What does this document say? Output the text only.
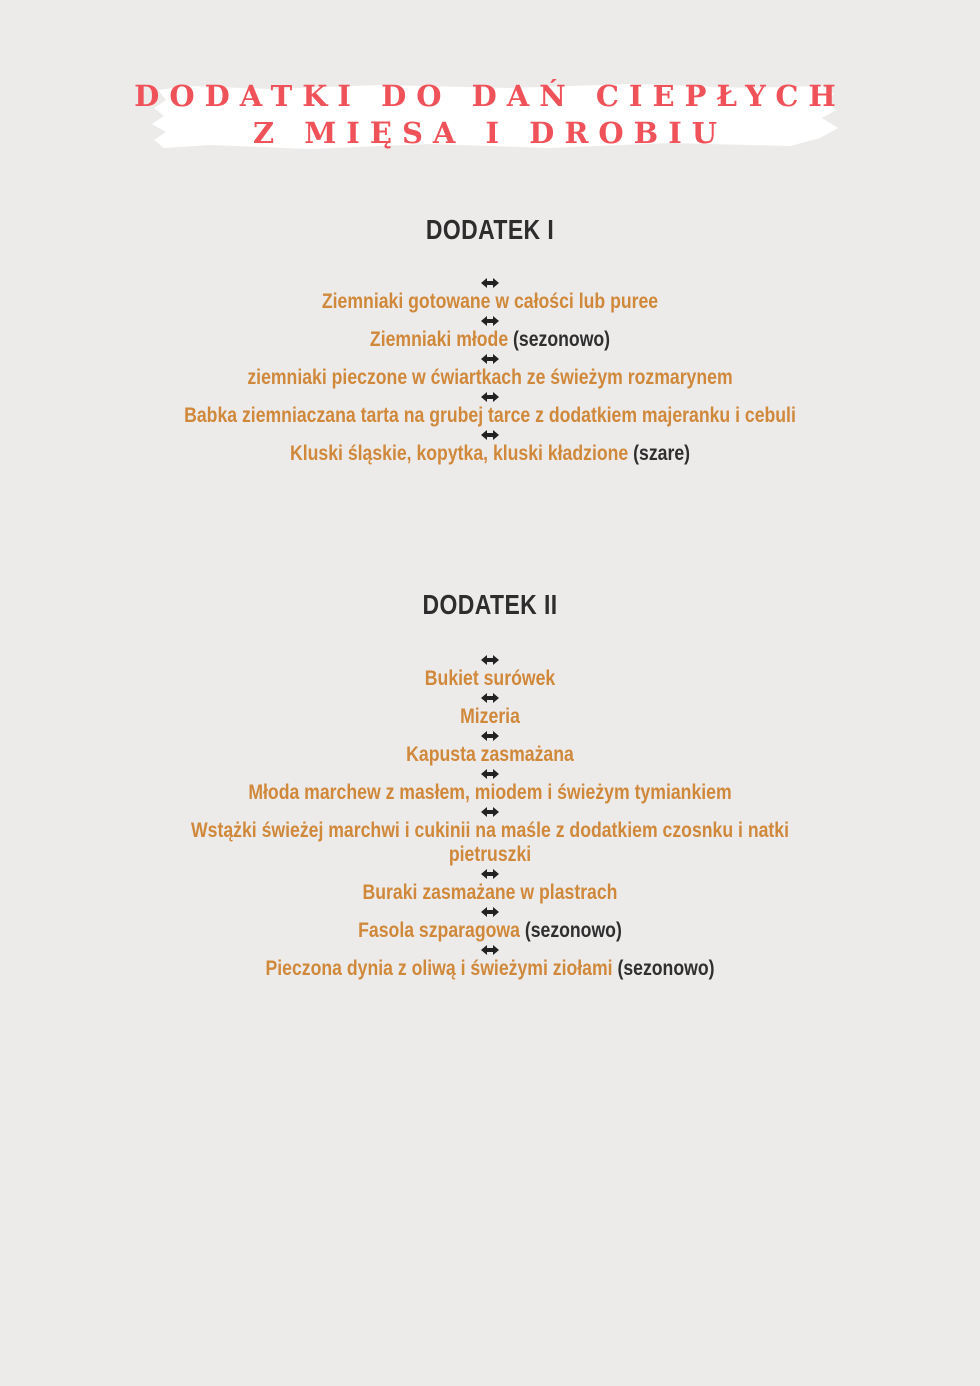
DODATKI DO DAŃ CIEPŁYCH
Z MIĘSA I DROBIU
DODATEK I
Ziemniaki gotowane w całości lub puree
Ziemniaki młode (sezonowo)
ziemniaki pieczone w ćwiartkach ze świeżym rozmarynem
Babka ziemniaczana tarta na grubej tarce z dodatkiem majeranku i cebuli
Kluski śląskie, kopytka, kluski kładzione (szare)
DODATEK II
Bukiet surówek
Mizeria
Kapusta zasmażana
Młoda marchew z masłem, miodem i świeżym tymiankiem
Wstążki świeżej marchwi i cukinii na maśle z dodatkiem czosnku i natki pietruszki
Buraki zasmażane w plastrach
Fasola szparagowa (sezonowo)
Pieczona dynia z oliwą i świeżymi ziołami (sezonowo)
